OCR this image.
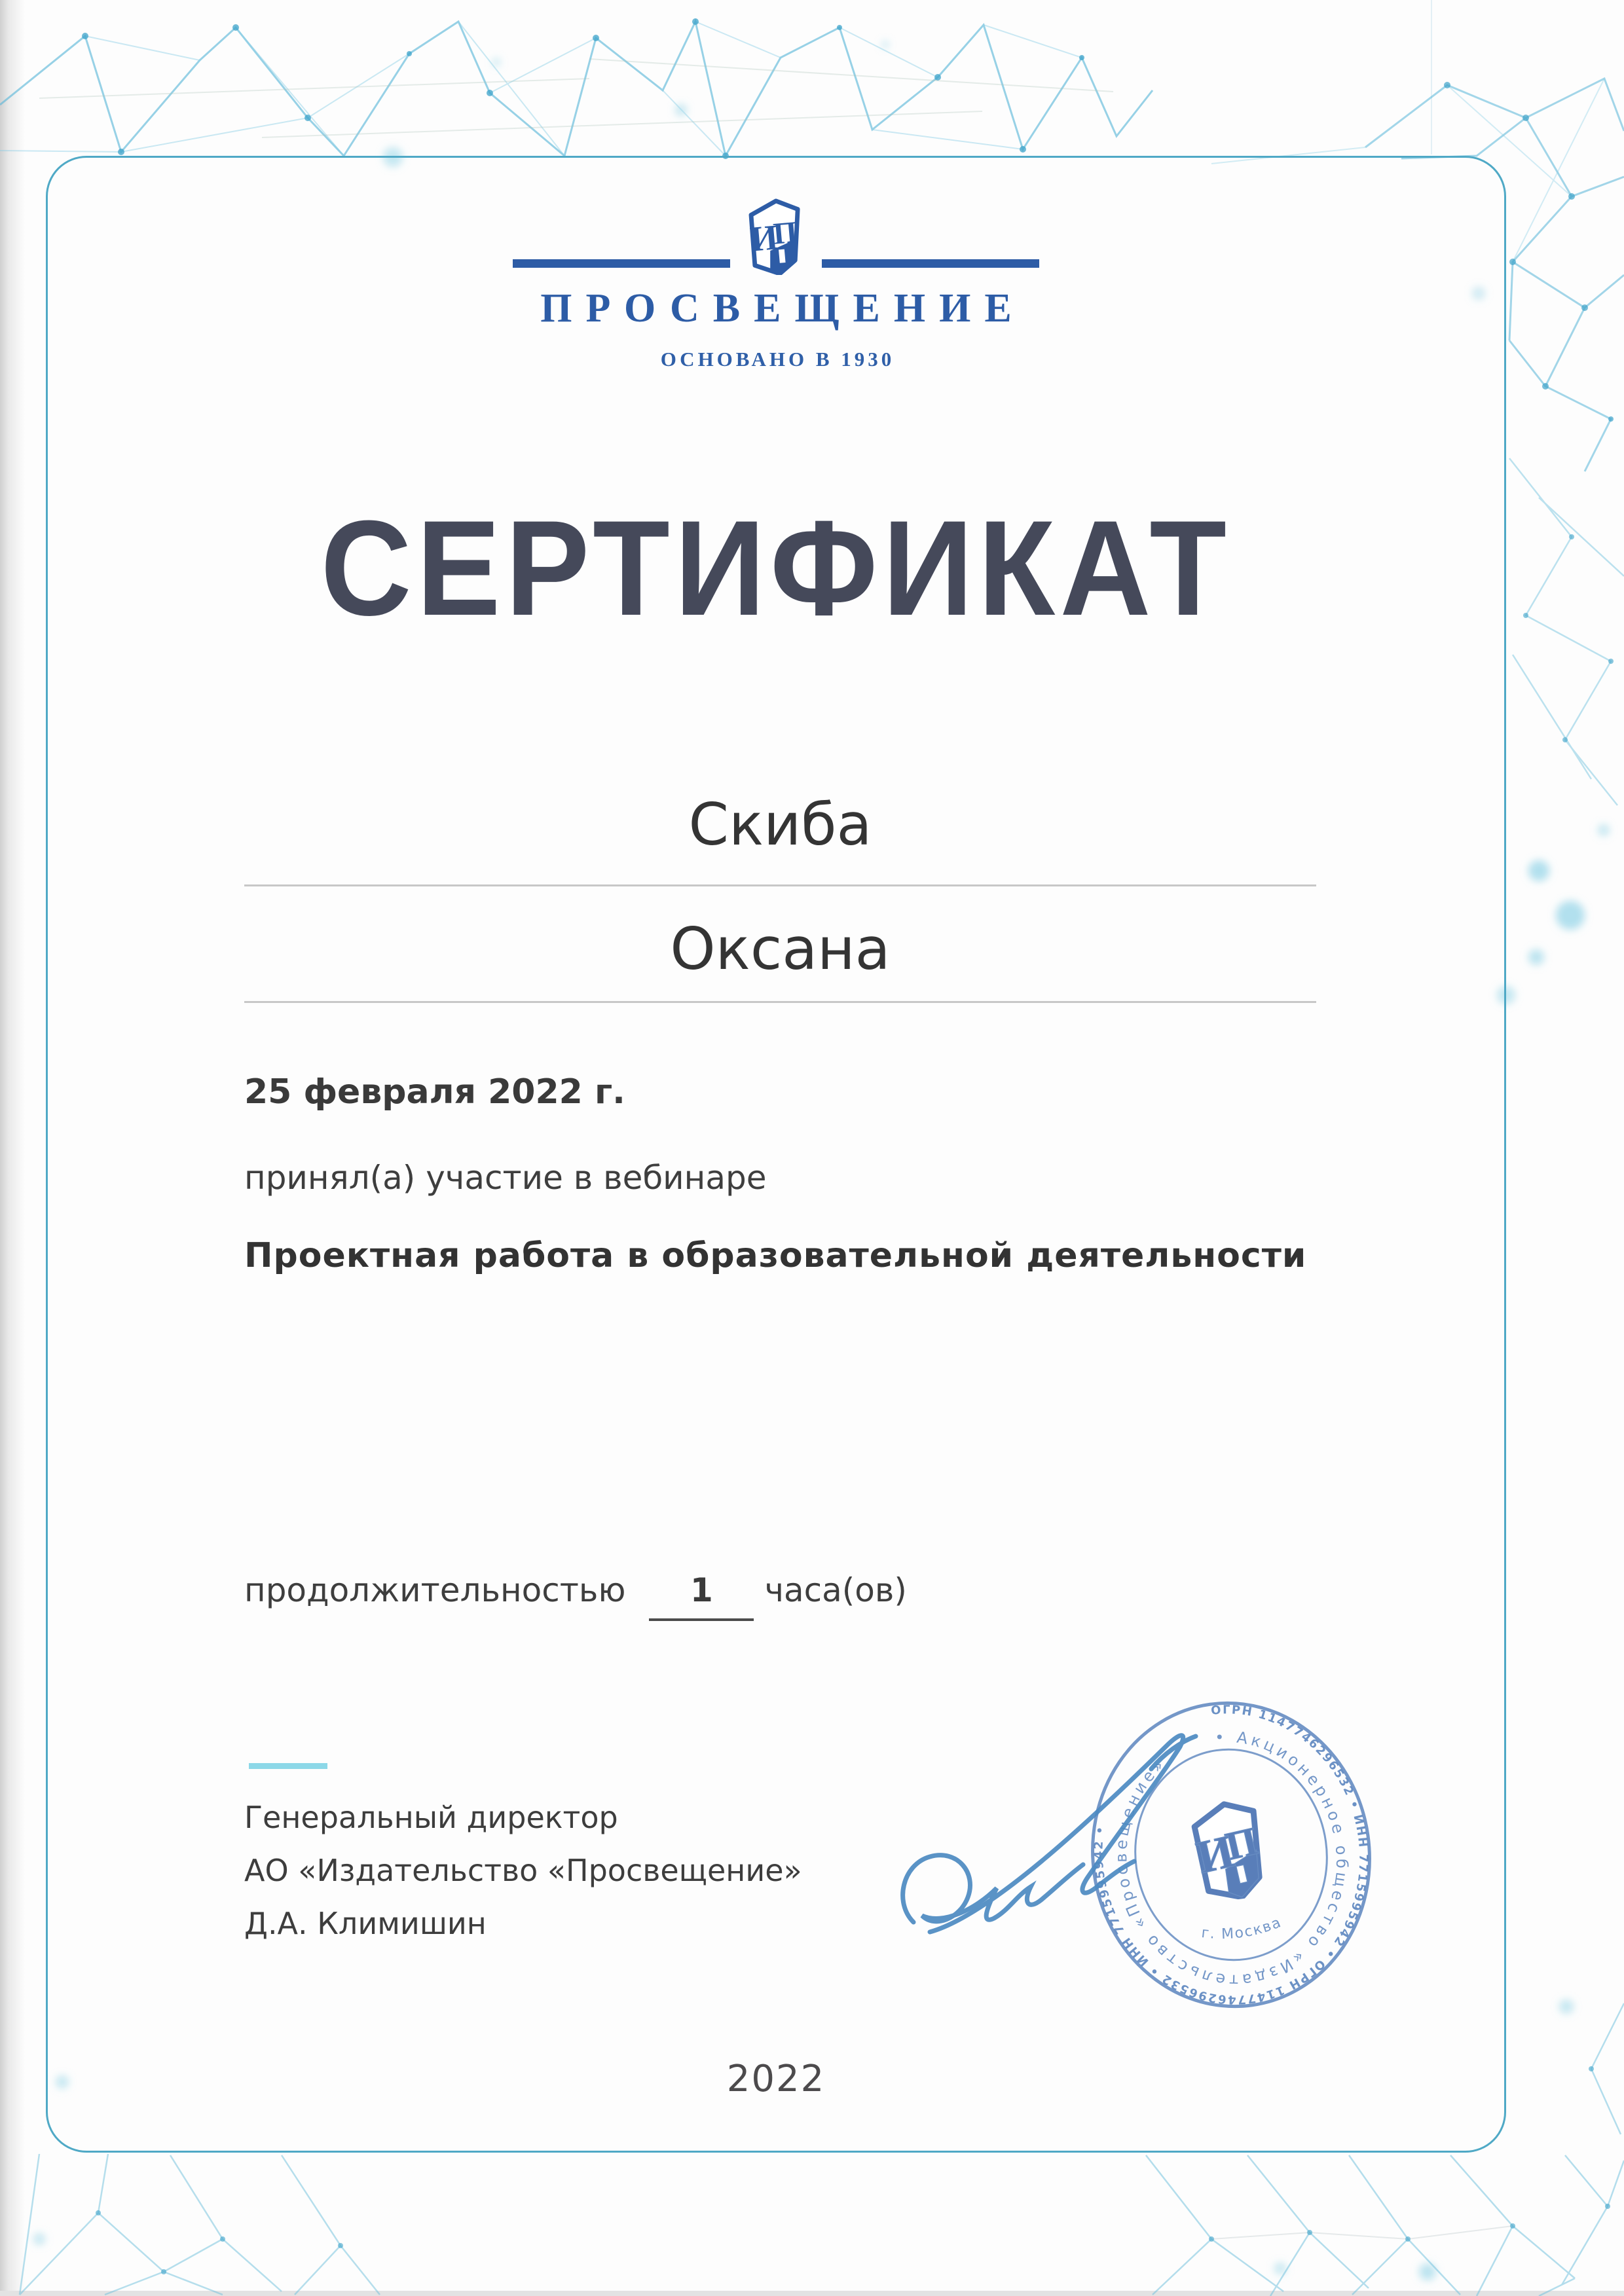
ПРОСВЕЩЕНИЕ
ОСНОВАНО В 1930
СЕРТИФИКАТ
Скиба
Оксана
25 февраля 2022 г.
принял(а) участие в вебинаре
Проектная работа в образовательной деятельности
продолжительностью	1	часа(ов)
Генеральный директор
АО «Издательство «Просвещение»
Д.А. Климишин
2022
ОГРН 1147746296532 • ИНН 7715995942 • ОГРН 1147746296532 • ИНН 7715995942 •
• Акционерное общество «Издательство «Просвещение»
г. Москва
